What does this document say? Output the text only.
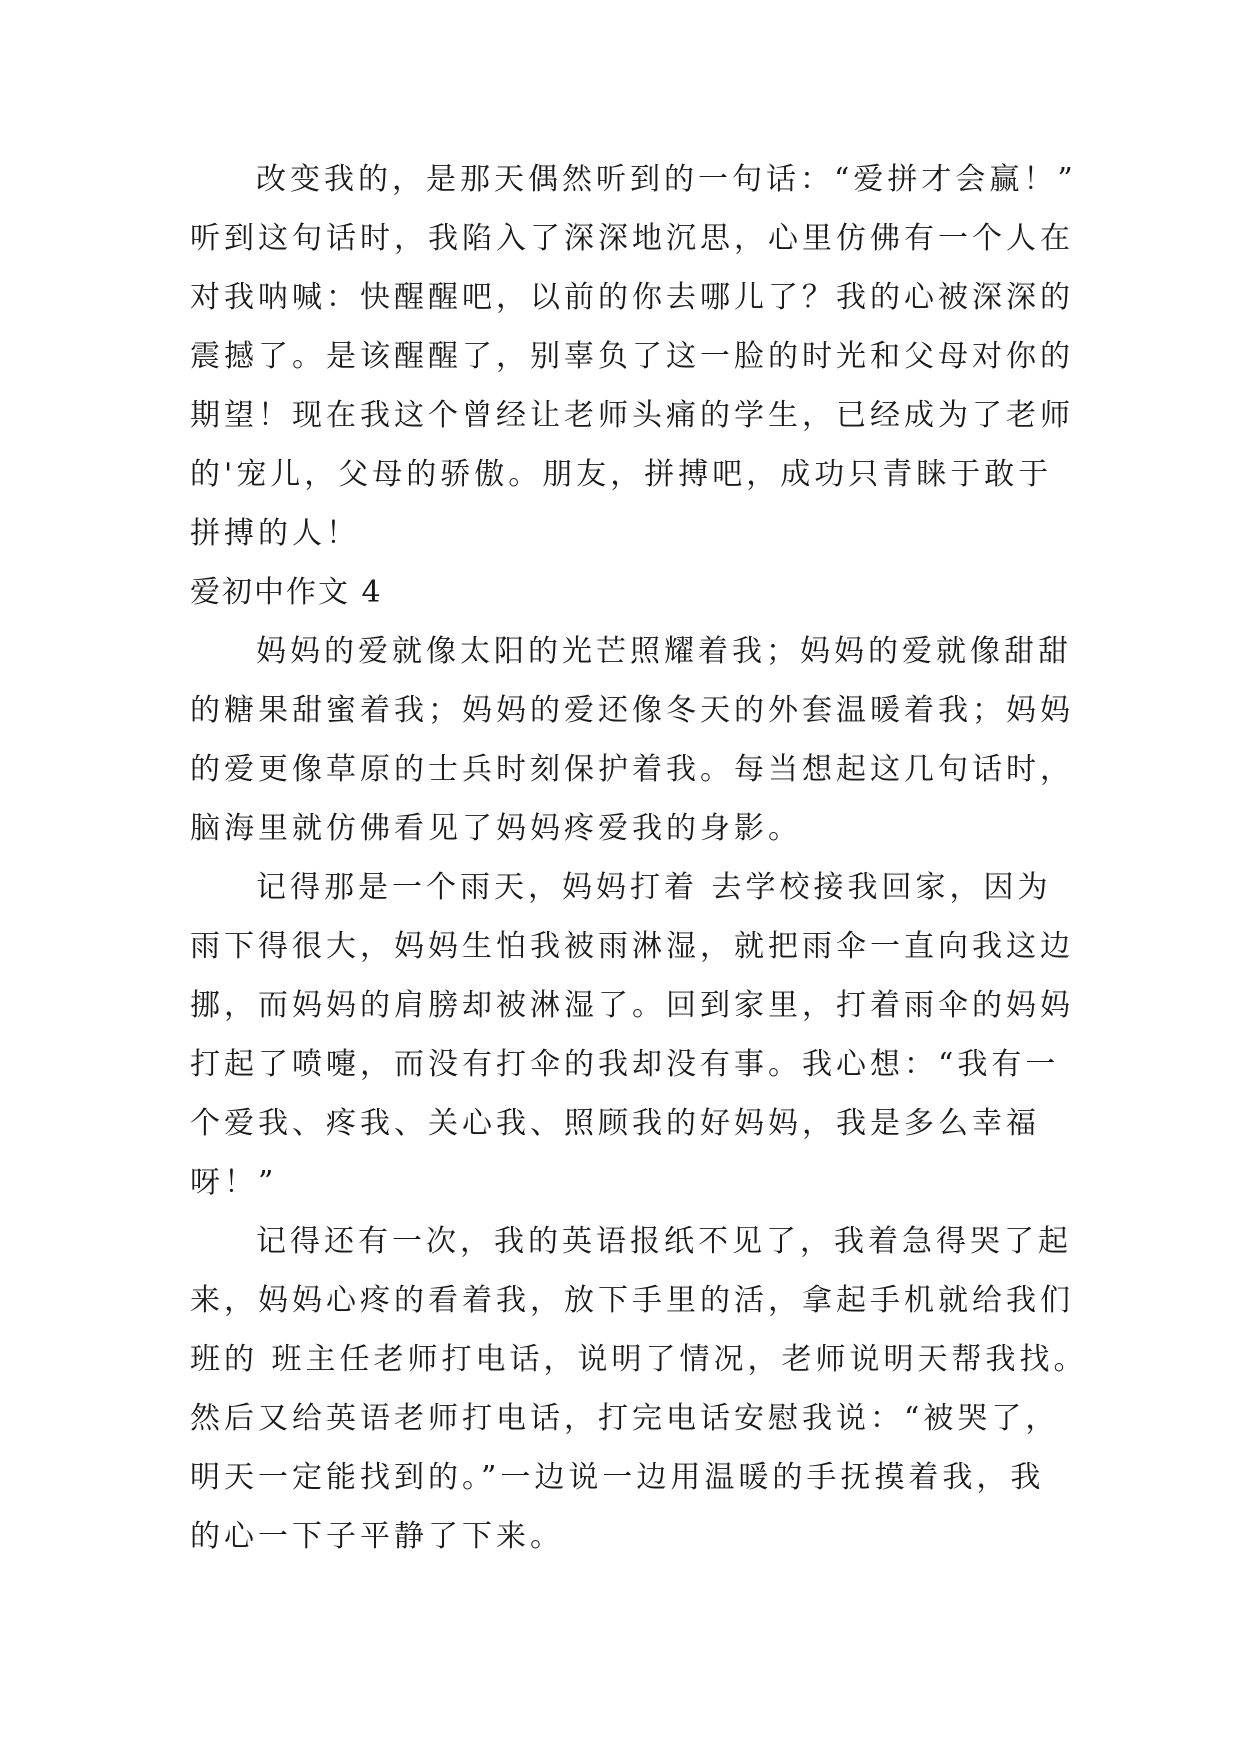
改变我的，是那天偶然听到的一句话：“爱拼才会赢！”
听到这句话时，我陷入了深深地沉思，心里仿佛有一个人在
对我呐喊：快醒醒吧，以前的你去哪儿了？我的心被深深的
震撼了。是该醒醒了，别辜负了这一脸的时光和父母对你的
期望！现在我这个曾经让老师头痛的学生，已经成为了老师
的'宠儿，父母的骄傲。朋友，拼搏吧，成功只青睐于敢于
拼搏的人！
爱初中作文 4
妈妈的爱就像太阳的光芒照耀着我；妈妈的爱就像甜甜
的糖果甜蜜着我；妈妈的爱还像冬天的外套温暖着我；妈妈
的爱更像草原的士兵时刻保护着我。每当想起这几句话时，
脑海里就仿佛看见了妈妈疼爱我的身影。
记得那是一个雨天，妈妈打着 去学校接我回家，因为
雨下得很大，妈妈生怕我被雨淋湿，就把雨伞一直向我这边
挪，而妈妈的肩膀却被淋湿了。回到家里，打着雨伞的妈妈
打起了喷嚏，而没有打伞的我却没有事。我心想：“我有一
个爱我、疼我、关心我、照顾我的好妈妈，我是多么幸福
呀！”
记得还有一次，我的英语报纸不见了，我着急得哭了起
来，妈妈心疼的看着我，放下手里的活，拿起手机就给我们
班的 班主任老师打电话，说明了情况，老师说明天帮我找。
然后又给英语老师打电话，打完电话安慰我说：“被哭了，
明天一定能找到的。”一边说一边用温暖的手抚摸着我，我
的心一下子平静了下来。
